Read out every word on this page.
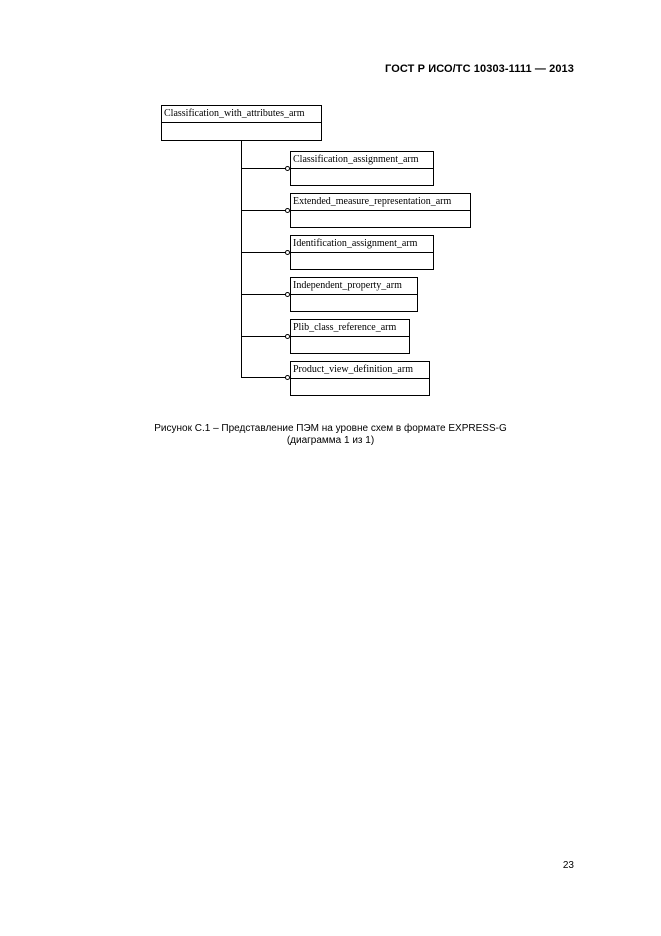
ГОСТ Р ИСО/ТС 10303-1111 — 2013
Classification_with_attributes_arm
Classification_assignment_arm
Extended_measure_representation_arm
Identification_assignment_arm
Independent_property_arm
Plib_class_reference_arm
Product_view_definition_arm
Рисунок С.1 – Представление ПЭМ на уровне схем в формате EXPRESS-G
(диаграмма 1 из 1)
23
